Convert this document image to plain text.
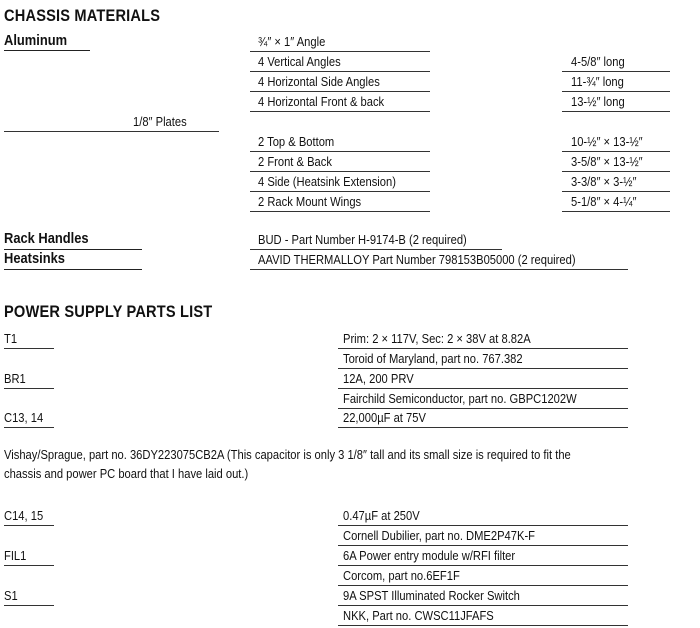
CHASSIS MATERIALS
Aluminum	¾″ × 1″ Angle
4 Vertical Angles	4-5/8″ long
4 Horizontal Side Angles	11-¾″ long
4 Horizontal Front & back	13-½″ long
1/8″ Plates
2 Top & Bottom	10-½″ × 13-½″
2 Front & Back	3-5/8″ × 13-½″
4 Side (Heatsink Extension)	3-3/8″ × 3-½″
2 Rack Mount Wings	5-1/8″ × 4-¼″
Rack Handles	BUD - Part Number H-9174-B (2 required)
Heatsinks	AAVID THERMALLOY Part Number 798153B05000 (2 required)
POWER SUPPLY PARTS LIST
T1	Prim: 2 × 117V, Sec: 2 × 38V at 8.82A
Toroid of Maryland, part no. 767.382
BR1	12A, 200 PRV
Fairchild Semiconductor, part no. GBPC1202W
C13, 14	22,000µF at 75V
Vishay/Sprague, part no. 36DY223075CB2A (This capacitor is only 3 1/8″ tall and its small size is required to fit the
chassis and power PC board that I have laid out.)
C14, 15	0.47µF at 250V
Cornell Dubilier, part no. DME2P47K-F
FIL1	6A Power entry module w/RFI filter
Corcom, part no.6EF1F
S1	9A SPST Illuminated Rocker Switch
NKK, Part no. CWSC11JFAFS
